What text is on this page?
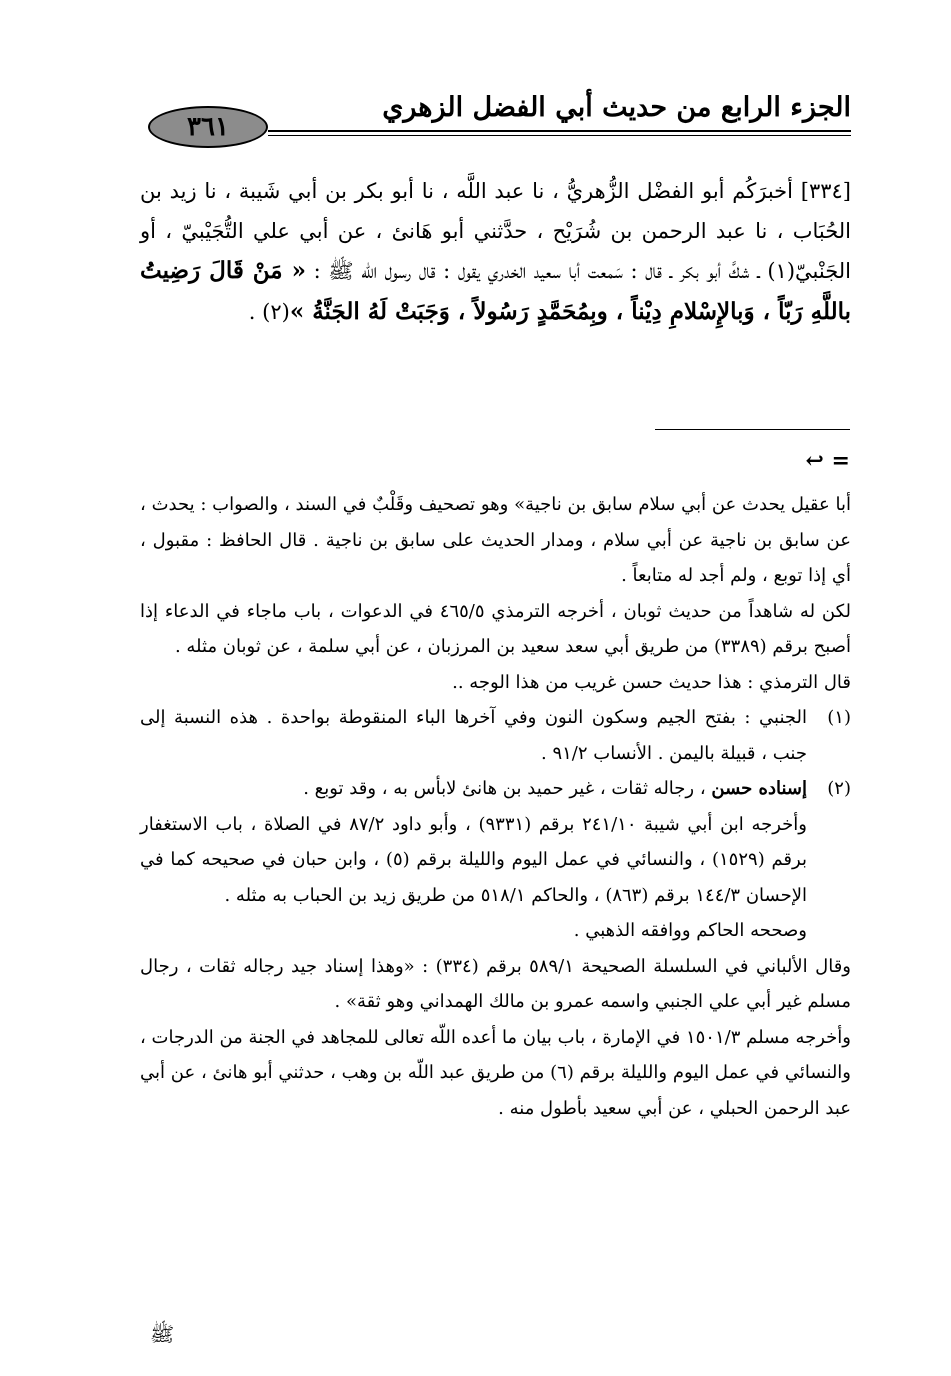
الجزء الرابع من حديث أبي الفضل الزهري
٣٦١
[٣٣٤] أخبرَكُم أبو الفضْل الزُّهريُّ ، نا عبد اللَّه ، نا أبو بكر بن أبي شَيبة ، نا زيد بن الحُبَاب ، نا عبد الرحمن بن شُرَيْح ، حدَّثني أبو هَانئ ، عن أبي علي التُّجَيْبيّ ، أو الجَنْبيّ(١) ـ شكَّ أبو بكر ـ قال : سَمعت أبا سعيد الخدري يقول : قال رسول اللّه ﷺ : « مَنْ قَالَ رَضِيتُ باللَّهِ رَبّاً ، وَبالإِسْلامِ دِيْناً ، وبِمُحَمَّدٍ رَسُولاً ، وَجَبَتْ لَهُ الجَنَّةُ »(٢) .
= ↩

أبا عقيل يحدث عن أبي سلام سابق بن ناجية» وهو تصحيف وقَلْبٌ في السند ، والصواب : يحدث ، عن سابق بن ناجية عن أبي سلام ، ومدار الحديث على سابق بن ناجية . قال الحافظ : مقبول ، أي إذا توبع ، ولم أجد له متابعاً .

لكن له شاهداً من حديث ثوبان ، أخرجه الترمذي ٤٦٥/٥ في الدعوات ، باب ماجاء في الدعاء إذا أصبح برقم (٣٣٨٩) من طريق أبي سعد سعيد بن المرزبان ، عن أبي سلمة ، عن ثوبان مثله .

قال الترمذي : هذا حديث حسن غريب من هذا الوجه ..

(١)
الجنبي : بفتح الجيم وسكون النون وفي آخرها الباء المنقوطة بواحدة . هذه النسبة إلى جنب ، قبيلة باليمن . الأنساب ٩١/٢ .

(٢)
إسناده حسن ، رجاله ثقات ، غير حميد بن هانئ لابأس به ، وقد توبع .

وأخرجه ابن أبي شيبة ٢٤١/١٠ برقم (٩٣٣١) ، وأبو داود ٨٧/٢ في الصلاة ، باب الاستغفار برقم (١٥٢٩) ، والنسائي في عمل اليوم والليلة برقم (٥) ، وابن حبان في صحيحه كما في الإحسان ١٤٤/٣ برقم (٨٦٣) ، والحاكم ٥١٨/١ من طريق زيد بن الحباب به مثله .

وصححه الحاكم ووافقه الذهبي .

وقال الألباني في السلسلة الصحيحة ٥٨٩/١ برقم (٣٣٤) : «وهذا إسناد جيد رجاله ثقات ، رجال مسلم غير أبي علي الجنبي واسمه عمرو بن مالك الهمداني وهو ثقة» .

وأخرجه مسلم ١٥٠١/٣ في الإمارة ، باب بيان ما أعده اللّه تعالى للمجاهد في الجنة من الدرجات ، والنسائي في عمل اليوم والليلة برقم (٦) من طريق عبد اللّه بن وهب ، حدثني أبو هانئ ، عن أبي عبد الرحمن الحبلي ، عن أبي سعيد بأطول منه .

ﷺ
